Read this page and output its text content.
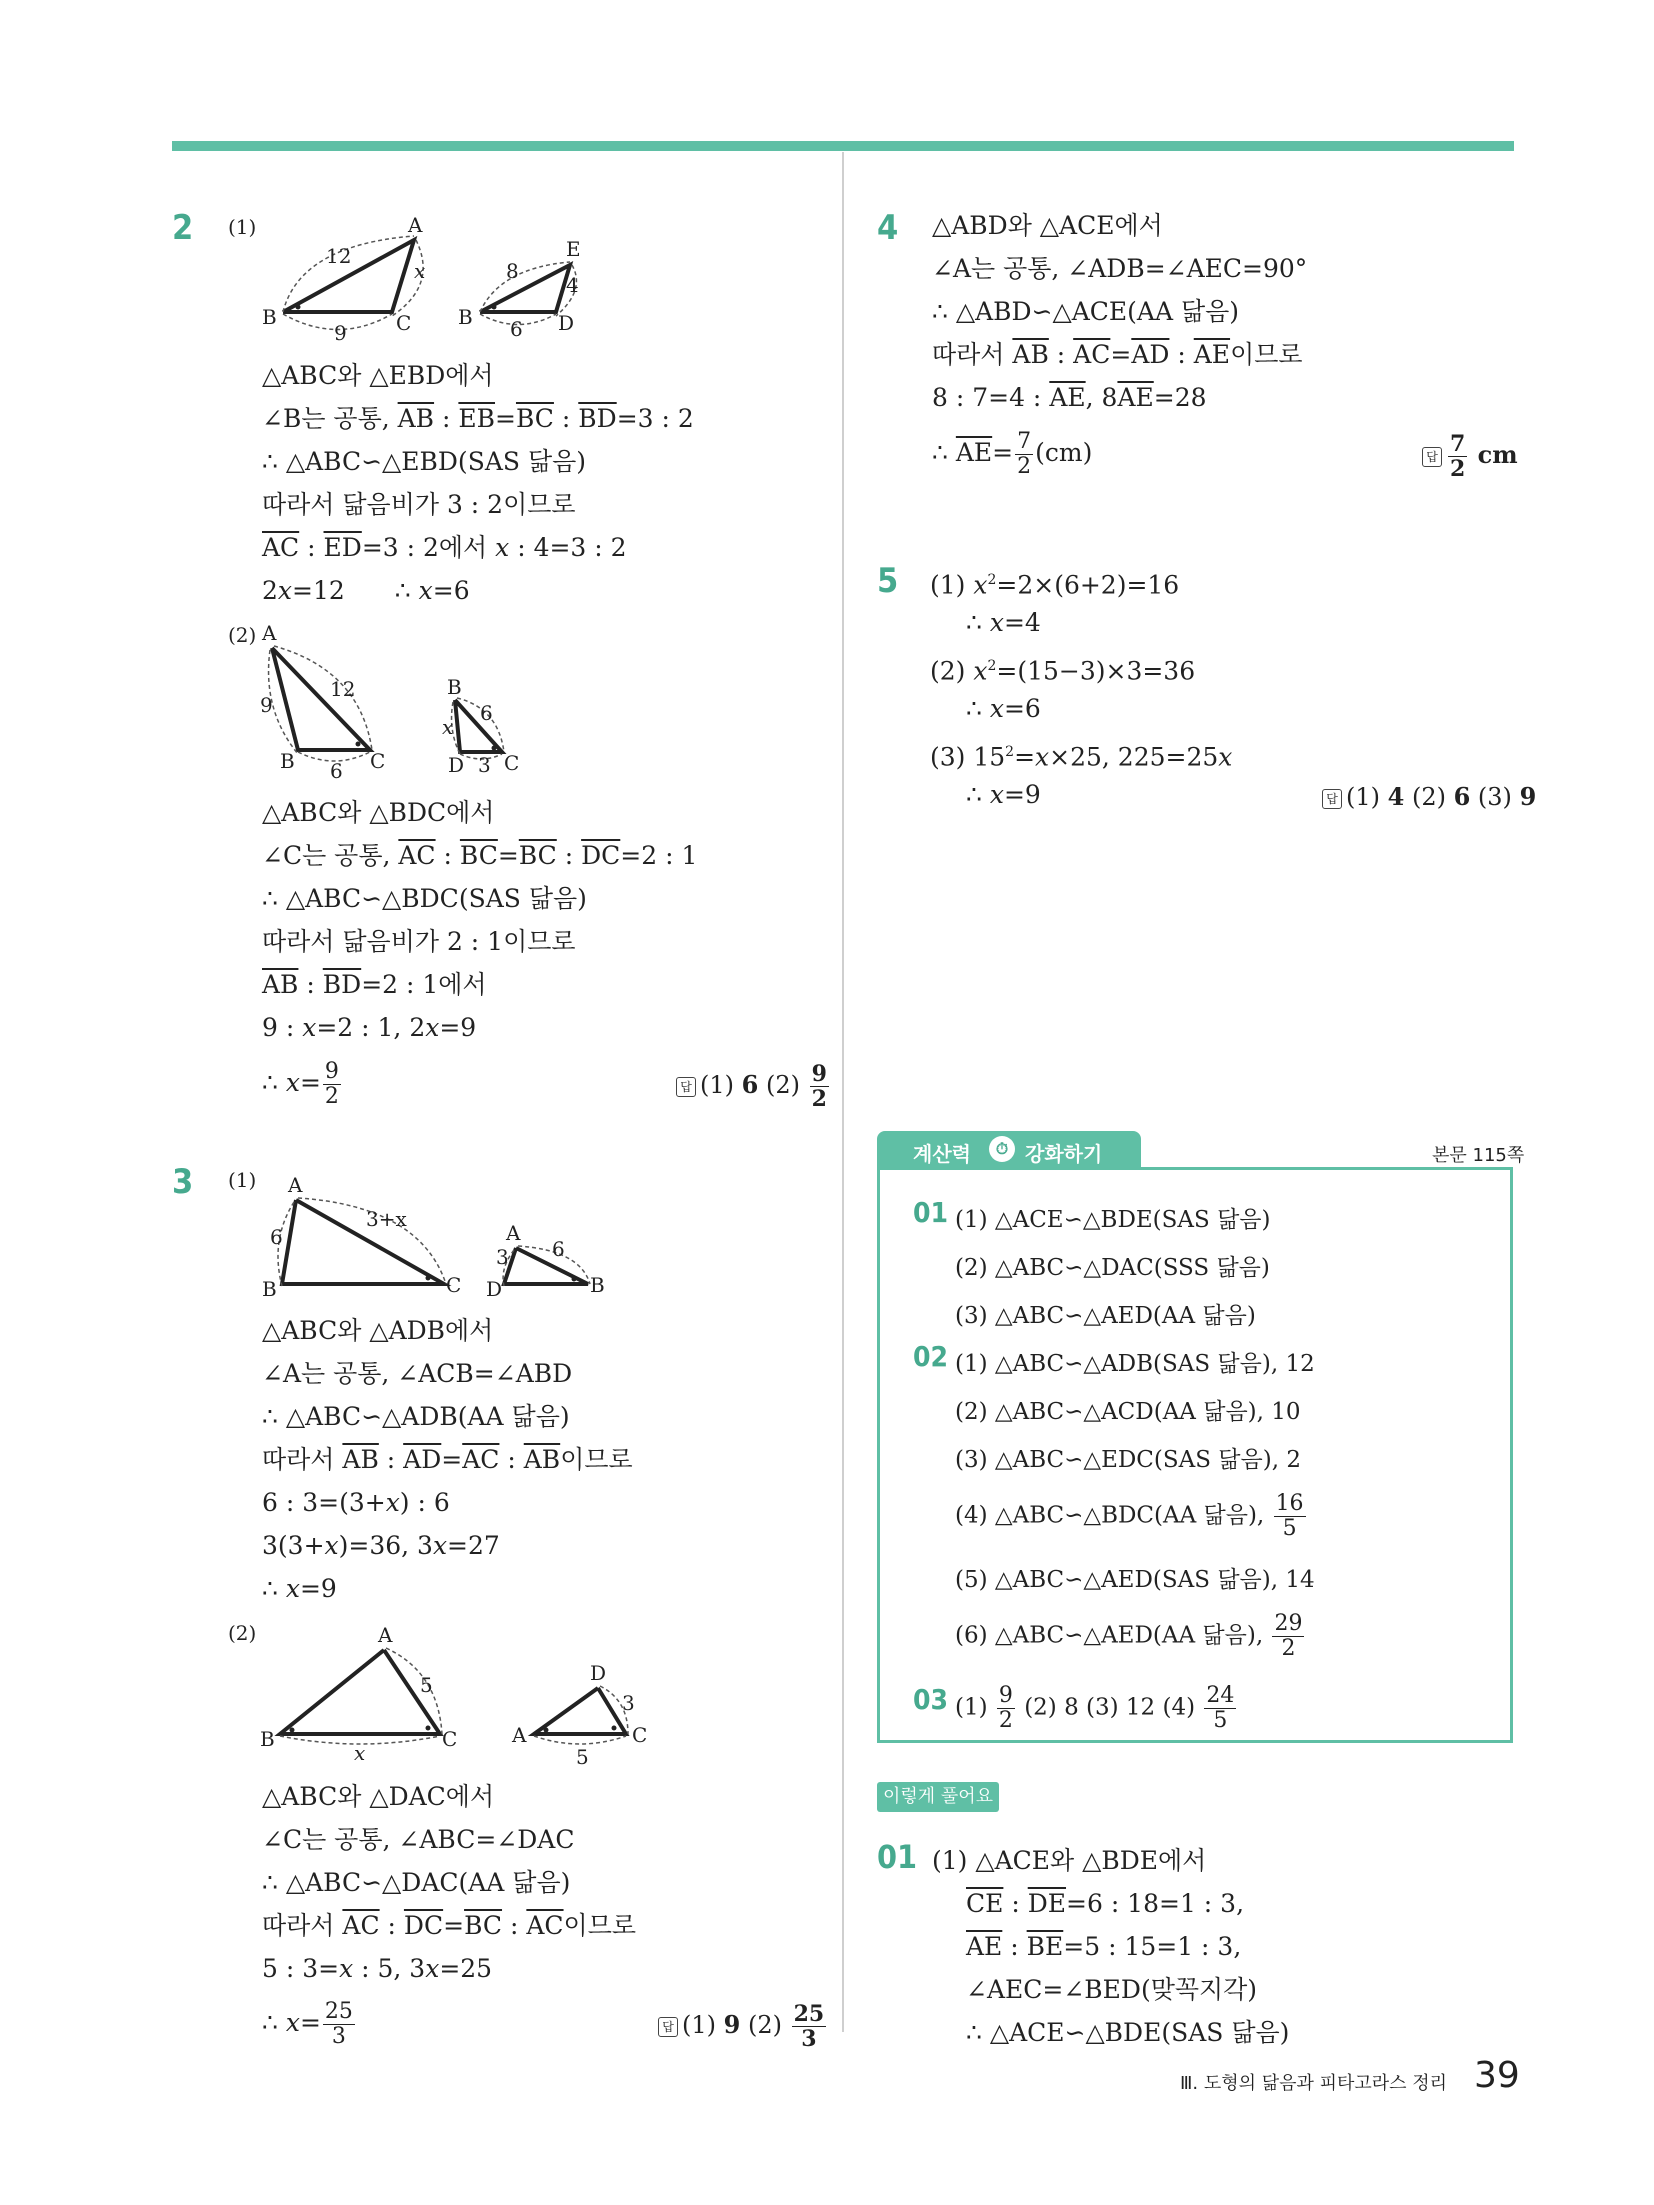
2 (1)	A
B	C
12
x
9
E
B	D
8
4
6
△ABC와 △EBD에서
∠B는 공통, $\overline{AB}$ : $\overline{EB}=\overline{BC}$ : $\overline{BD}=3$ : 2
∴ △ABC∽△EBD(SAS 닮음)
따라서 닮음비가 3 : 2이므로
$\overline{AC}$ : $\overline{ED}=3$ : 2에서 x : 4=3 : 2
2x=12 ∴ x=6
(2) A
B	C
9
12
6
B
D C
6
x
3
△ABC와 △BDC에서
∠C는 공통, $\overline{AC}$ : $\overline{BC}=\overline{BC}$ : $\overline{DC}=2$ : 1
∴ △ABC∽△BDC(SAS 닮음)
따라서 닮음비가 2 : 1이므로
$\overline{AB}$ : $\overline{BD}=2$ : 1에서
9 : x=2 : 1, 2x=9
∴ $x= \frac{9}{2}$	답 (1) 6 $(2) \frac{9}{2}$
3 (1) A
B	C
6
3+x
A
D	B
3 6
△ABC와 △ADB에서
∠A는 공통, ∠ACB=∠ABD
∴ △ABC∽△ADB(AA 닮음)
따라서 $\overline{AB}$ : $\overline{AD}=\overline{AC}$ : $\overline{AB}$이므로
6 : 3=(3+x) : 6
3(3+x)=36, 3x=27
∴ x=9
(2)	A
B	C
5
x
D
A	C
3
5
△ABC와 △DAC에서
∠C는 공통, ∠ABC=∠DAC
∴ △ABC∽△DAC(AA 닮음)
따라서 $\overline{AC}$ : $\overline{DC}=\overline{BC}$ : $\overline{AC}$이므로
5 : 3=x : 5, 3x=25
∴ $x= \frac{25}{3}$	답 (1) 9 $(2) \frac{25}{3}$
4 △ABD와 △ACE에서
∠A는 공통, ∠ADB=∠AEC=90°
∴ △ABD∽△ACE(AA 닮음)
따라서 $\overline{AB}$ : $\overline{AC}=\overline{AD}$ : $\overline{AE}$이므로
8 : 7=4 : $\overline{AE}$, $8\overline{AE}=28$
∴ $\overline{AE}= \frac{7}{2} (cm)$	답 $\frac{7}{2}$ cm
5 (1) $x^2=2\times(6+2)=16$
∴ x=4
(2) $x^2=(15-3)\times 3=36$
∴ x=6
(3) $15^2=x\times 25$, 225=25x
∴ x=9	답 (1) 4 (2) 6 (3) 9
계산력	⏱ 강화하기	본문 115쪽
01 (1) △ACE∽△BDE(SAS 닮음)
(2) △ABC∽△DAC(SSS 닮음)
(3) △ABC∽△AED(AA 닮음)
02 (1) △ABC∽△ADB(SAS 닮음), 12
(2) △ABC∽△ACD(AA 닮음), 10
(3) △ABC∽△EDC(SAS 닮음), 2
(4) △ABC∽△BDC(AA 닮음), $\frac{16}{5}$
(5) △ABC∽△AED(SAS 닮음), 14
(6) △ABC∽△AED(AA 닮음), $\frac{29}{2}$
03 $(1) \frac{9}{2} (2)$ 8 (3) 12 $(4) \frac{24}{5}$
이렇게 풀어요
01 (1) △ACE와 △BDE에서
$\overline{CE}$ : $\overline{DE}=6$ : 18=1 : 3,
$\overline{AE}$ : $\overline{BE}=5$ : 15=1 : 3,
∠AEC=∠BED(맞꼭지각)
∴ △ACE∽△BDE(SAS 닮음)
Ⅲ. 도형의 닮음과 피타고라스 정리 39
